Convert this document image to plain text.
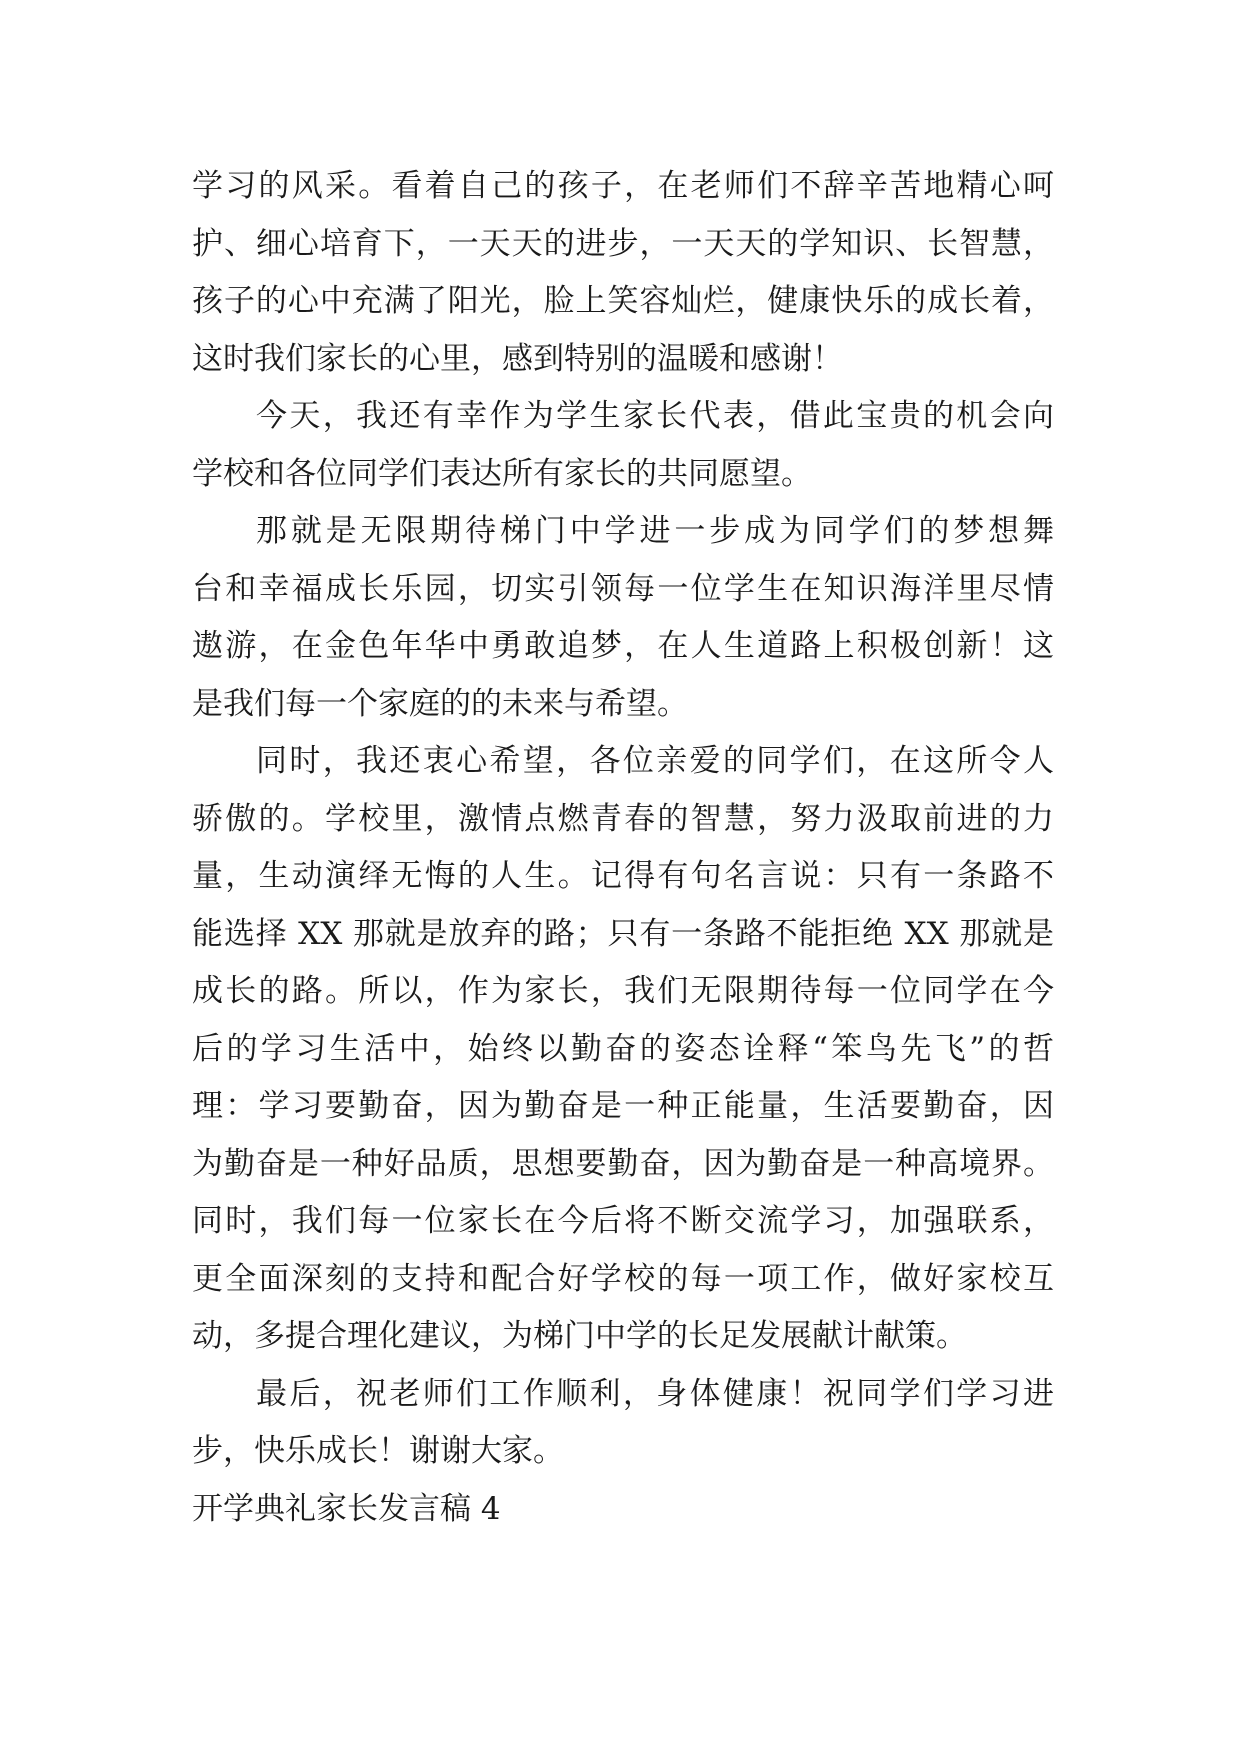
学习的风采。看着自己的孩子，在老师们不辞辛苦地精心呵
护、细心培育下，一天天的进步，一天天的学知识、长智慧，
孩子的心中充满了阳光，脸上笑容灿烂，健康快乐的成长着，
这时我们家长的心里，感到特别的温暖和感谢！
今天，我还有幸作为学生家长代表，借此宝贵的机会向
学校和各位同学们表达所有家长的共同愿望。
那就是无限期待梯门中学进一步成为同学们的梦想舞
台和幸福成长乐园，切实引领每一位学生在知识海洋里尽情
遨游，在金色年华中勇敢追梦，在人生道路上积极创新！这
是我们每一个家庭的的未来与希望。
同时，我还衷心希望，各位亲爱的同学们，在这所令人
骄傲的。学校里，激情点燃青春的智慧，努力汲取前进的力
量，生动演绎无悔的人生。记得有句名言说：只有一条路不
能选择 XX 那就是放弃的路；只有一条路不能拒绝 XX 那就是
成长的路。所以，作为家长，我们无限期待每一位同学在今
后的学习生活中，始终以勤奋的姿态诠释“笨鸟先飞”的哲
理：学习要勤奋，因为勤奋是一种正能量，生活要勤奋，因
为勤奋是一种好品质，思想要勤奋，因为勤奋是一种高境界。
同时，我们每一位家长在今后将不断交流学习，加强联系，
更全面深刻的支持和配合好学校的每一项工作，做好家校互
动，多提合理化建议，为梯门中学的长足发展献计献策。
最后，祝老师们工作顺利，身体健康！祝同学们学习进
步，快乐成长！谢谢大家。
开学典礼家长发言稿 4
